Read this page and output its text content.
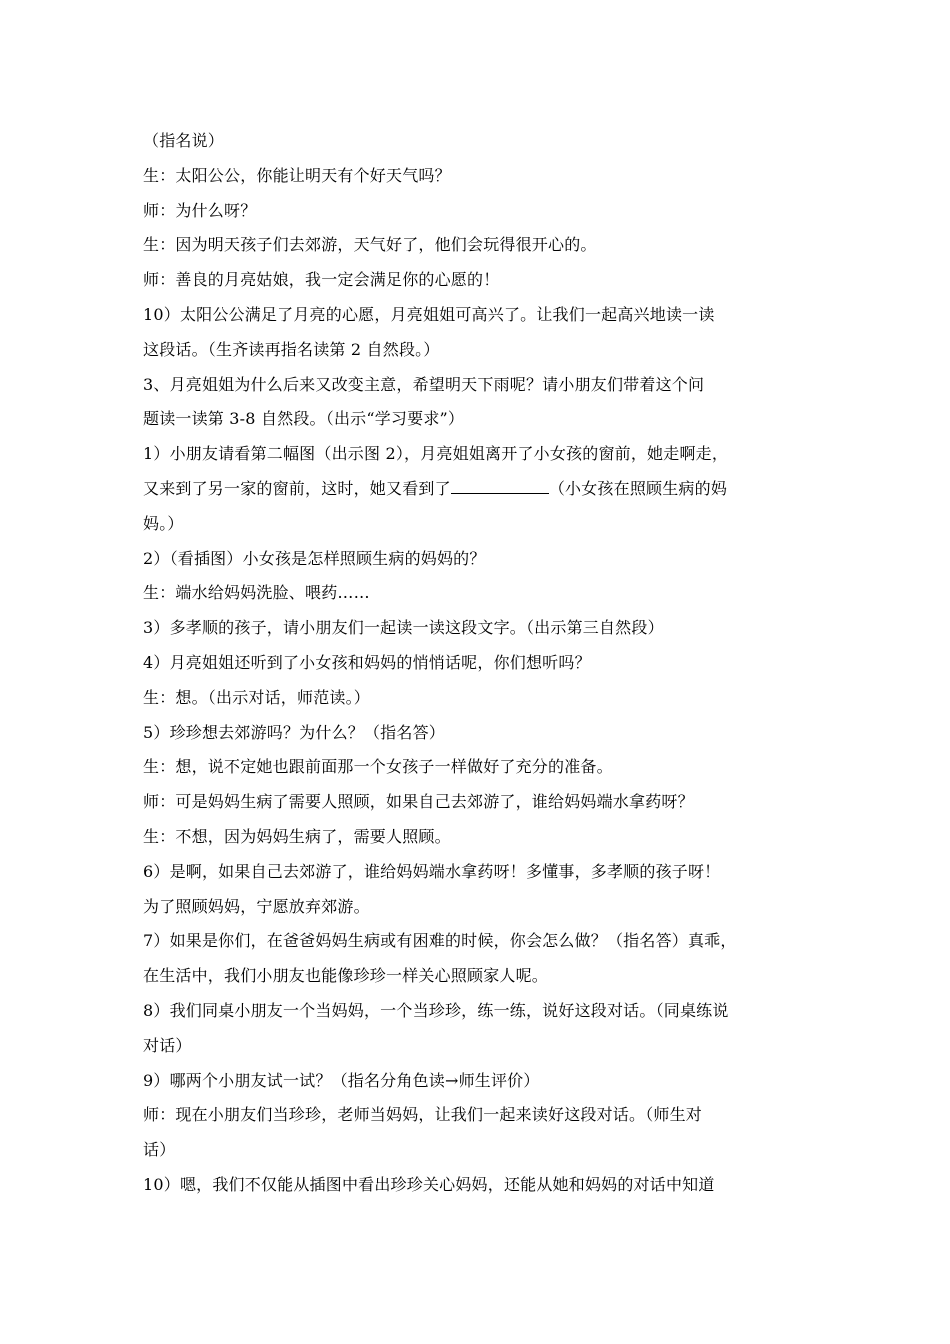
（指名说）
生：太阳公公，你能让明天有个好天气吗？
师：为什么呀？
生：因为明天孩子们去郊游，天气好了，他们会玩得很开心的。
师：善良的月亮姑娘，我一定会满足你的心愿的！
10）太阳公公满足了月亮的心愿，月亮姐姐可高兴了。让我们一起高兴地读一读
这段话。（生齐读再指名读第 2 自然段。）
3、月亮姐姐为什么后来又改变主意，希望明天下雨呢？请小朋友们带着这个问
题读一读第 3-8 自然段。（出示“学习要求”）
1）小朋友请看第二幅图（出示图 2），月亮姐姐离开了小女孩的窗前，她走啊走，
又来到了另一家的窗前，这时，她又看到了	（小女孩在照顾生病的妈
妈。）
2）（看插图）小女孩是怎样照顾生病的妈妈的？
生：端水给妈妈洗脸、喂药……
3）多孝顺的孩子，请小朋友们一起读一读这段文字。（出示第三自然段）
4）月亮姐姐还听到了小女孩和妈妈的悄悄话呢，你们想听吗？
生：想。（出示对话，师范读。）
5）珍珍想去郊游吗？为什么？（指名答）
生：想，说不定她也跟前面那一个女孩子一样做好了充分的准备。
师：可是妈妈生病了需要人照顾，如果自己去郊游了，谁给妈妈端水拿药呀？
生：不想，因为妈妈生病了，需要人照顾。
6）是啊，如果自己去郊游了，谁给妈妈端水拿药呀！多懂事，多孝顺的孩子呀！
为了照顾妈妈，宁愿放弃郊游。
7）如果是你们，在爸爸妈妈生病或有困难的时候，你会怎么做？（指名答）真乖，
在生活中，我们小朋友也能像珍珍一样关心照顾家人呢。
8）我们同桌小朋友一个当妈妈，一个当珍珍，练一练，说好这段对话。（同桌练说
对话）
9）哪两个小朋友试一试？（指名分角色读→师生评价）
师：现在小朋友们当珍珍，老师当妈妈，让我们一起来读好这段对话。（师生对
话）
10）嗯，我们不仅能从插图中看出珍珍关心妈妈，还能从她和妈妈的对话中知道
